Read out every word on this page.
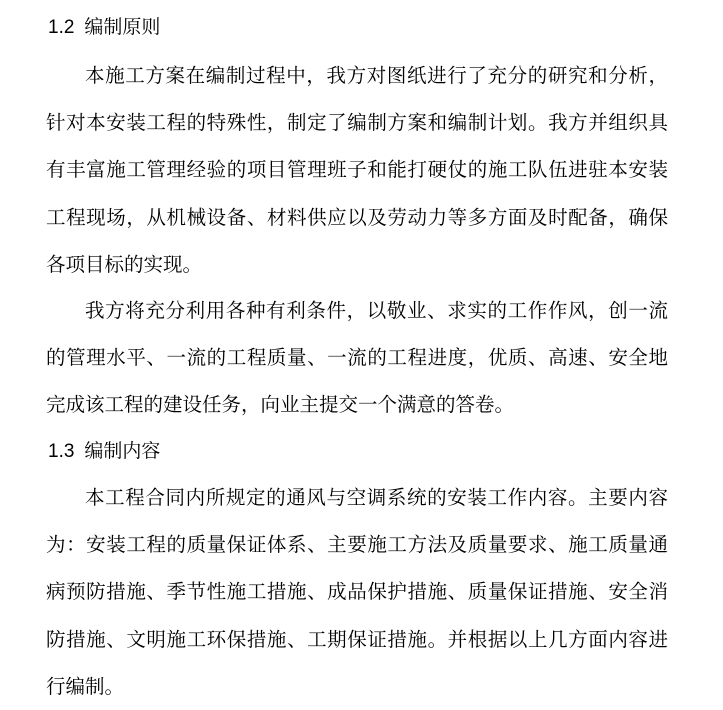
1.2 编制原则

本施工方案在编制过程中，我方对图纸进行了充分的研究和分析，针对本安装工程的特殊性，制定了编制方案和编制计划。我方并组织具有丰富施工管理经验的项目管理班子和能打硬仗的施工队伍进驻本安装工程现场，从机械设备、材料供应以及劳动力等多方面及时配备，确保各项目标的实现。

我方将充分利用各种有利条件，以敬业、求实的工作作风，创一流的管理水平、一流的工程质量、一流的工程进度，优质、高速、安全地完成该工程的建设任务，向业主提交一个满意的答卷。

1.3 编制内容

本工程合同内所规定的通风与空调系统的安装工作内容。主要内容为：安装工程的质量保证体系、主要施工方法及质量要求、施工质量通病预防措施、季节性施工措施、成品保护措施、质量保证措施、安全消防措施、文明施工环保措施、工期保证措施。并根据以上几方面内容进行编制。
